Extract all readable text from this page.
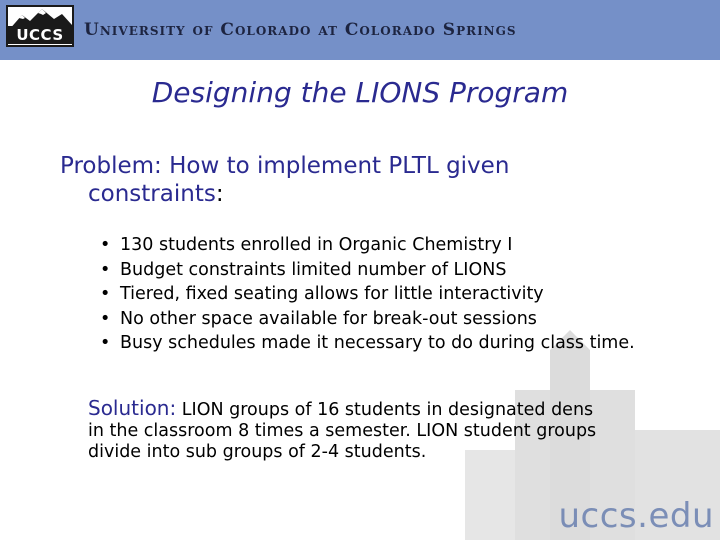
UCCS	University of Colorado at Colorado Springs
Designing the LIONS Program
Problem: How to implement PLTL given
constraints:
• 130 students enrolled in Organic Chemistry I
• Budget constraints limited number of LIONS
• Tiered, fixed seating allows for little interactivity
• No other space available for break-out sessions
• Busy schedules made it necessary to do during class time.
Solution: LION groups of 16 students in designated dens
in the classroom 8 times a semester. LION student groups
divide into sub groups of 2-4 students.
uccs.edu
